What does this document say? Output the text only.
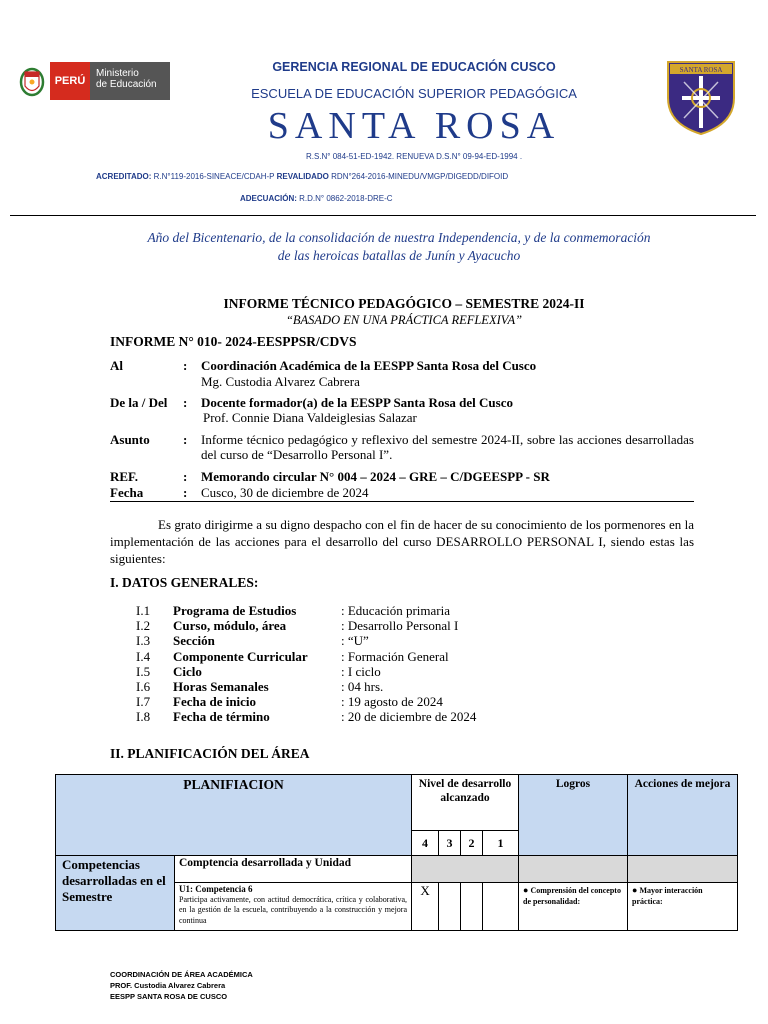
PERÚ
Ministerio
de Educación
GERENCIA REGIONAL DE EDUCACIÓN CUSCO
ESCUELA DE EDUCACIÓN SUPERIOR PEDAGÓGICA
SANTA ROSA
R.S.N° 084-51-ED-1942. RENUEVA D.S.N° 09-94-ED-1994 .
ACREDITADO: R.N°119-2016-SINEACE/CDAH-P REVALIDADO RDN°264-2016-MINEDU/VMGP/DIGEDD/DIFOID
ADECUACIÓN: R.D.N° 0862-2018-DRE-C
SANTA ROSA
Año del Bicentenario, de la consolidación de nuestra Independencia, y de la conmemoración
de las heroicas batallas de Junín y Ayacucho
INFORME TÉCNICO PEDAGÓGICO – SEMESTRE 2024-II
“BASADO EN UNA PRÁCTICA REFLEXIVA”
INFORME N° 010- 2024-EESPPSR/CDVS
Al	: Coordinación Académica de la EESPP Santa Rosa del Cusco
Mg. Custodia Alvarez Cabrera
De la / Del : Docente formador(a) de la EESPP Santa Rosa del Cusco
Prof. Connie Diana Valdeiglesias Salazar
Asunto	: Informe técnico pedagógico y reflexivo del semestre 2024-II, sobre las acciones desarrolladas del curso de “Desarrollo Personal I”.
REF.	: Memorando circular N° 004 – 2024 – GRE – C/DGEESPP - SR
Fecha	: Cusco, 30 de diciembre de 2024
Es grato dirigirme a su digno despacho con el fin de hacer de su conocimiento de los pormenores en la implementación de las acciones para el desarrollo del curso DESARROLLO PERSONAL I, siendo estas las siguientes:
I. DATOS GENERALES:
I.1 Programa de Estudios	: Educación primaria
I.2 Curso, módulo, área	: Desarrollo Personal I
I.3 Sección	: “U”
I.4 Componente Curricular	: Formación General
I.5 Ciclo	: I ciclo
I.6 Horas Semanales	: 04 hrs.
I.7 Fecha de inicio	: 19 agosto de 2024
I.8 Fecha de término	: 20 de diciembre de 2024
II. PLANIFICACIÓN DEL ÁREA
PLANIFIACION		Nivel de desarrollo alcanzado				Logros	Acciones de mejora	
		4	3	2	1			
Competencias desarrolladas en el Semestre	Comptencia desarrollada y Unidad							

	U1: Competencia 6
Participa activamente, con actitud democrática, crítica y colaborativa, en la gestión de la escuela, contribuyendo a la construcción y mejora continua	X				● Comprensión del concepto de personalidad:	● Mayor interacción práctica:	
COORDINACIÓN DE ÁREA ACADÉMICA
PROF. Custodia Alvarez Cabrera
EESPP SANTA ROSA DE CUSCO
